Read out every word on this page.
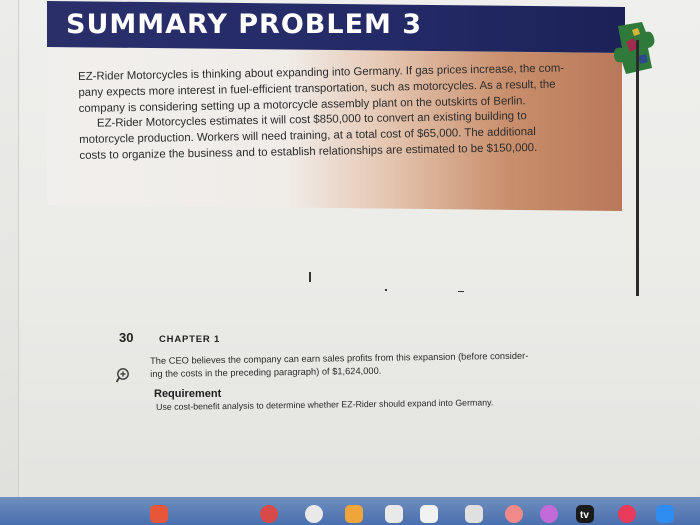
SUMMARY PROBLEM 3

EZ-Rider Motorcycles is thinking about expanding into Germany. If gas prices increase, the com-

pany expects more interest in fuel-efficient transportation, such as motorcycles. As a result, the

company is considering setting up a motorcycle assembly plant on the outskirts of Berlin.

EZ-Rider Motorcycles estimates it will cost $850,000 to convert an existing building to

motorcycle production. Workers will need training, at a total cost of $65,000. The additional

costs to organize the business and to establish relationships are estimated to be $150,000.

30	CHAPTER 1

The CEO believes the company can earn sales profits from this expansion (before consider-

ing the costs in the preceding paragraph) of $1,624,000.

Requirement
Use cost-benefit analysis to determine whether EZ-Rider should expand into Germany.
tv
